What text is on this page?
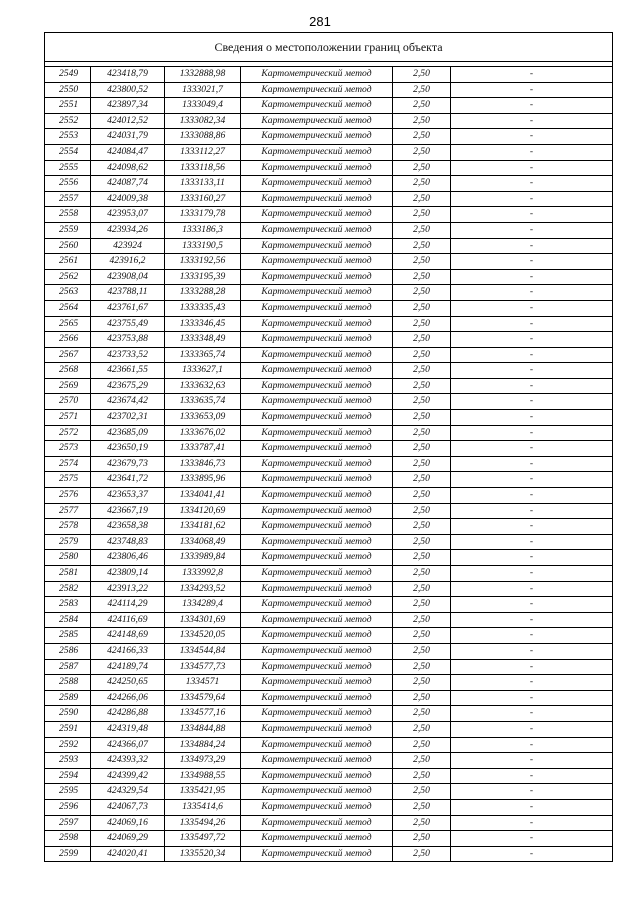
281
Сведения о местоположении границ объекта					

2549	423418,79	1332888,98	Картометрический метод	2,50	-
2550	423800,52	1333021,7	Картометрический метод	2,50	-
2551	423897,34	1333049,4	Картометрический метод	2,50	-
2552	424012,52	1333082,34	Картометрический метод	2,50	-
2553	424031,79	1333088,86	Картометрический метод	2,50	-
2554	424084,47	1333112,27	Картометрический метод	2,50	-
2555	424098,62	1333118,56	Картометрический метод	2,50	-
2556	424087,74	1333133,11	Картометрический метод	2,50	-
2557	424009,38	1333160,27	Картометрический метод	2,50	-
2558	423953,07	1333179,78	Картометрический метод	2,50	-
2559	423934,26	1333186,3	Картометрический метод	2,50	-
2560	423924	1333190,5	Картометрический метод	2,50	-
2561	423916,2	1333192,56	Картометрический метод	2,50	-
2562	423908,04	1333195,39	Картометрический метод	2,50	-
2563	423788,11	1333288,28	Картометрический метод	2,50	-
2564	423761,67	1333335,43	Картометрический метод	2,50	-
2565	423755,49	1333346,45	Картометрический метод	2,50	-
2566	423753,88	1333348,49	Картометрический метод	2,50	-
2567	423733,52	1333365,74	Картометрический метод	2,50	-
2568	423661,55	1333627,1	Картометрический метод	2,50	-
2569	423675,29	1333632,63	Картометрический метод	2,50	-
2570	423674,42	1333635,74	Картометрический метод	2,50	-
2571	423702,31	1333653,09	Картометрический метод	2,50	-
2572	423685,09	1333676,02	Картометрический метод	2,50	-
2573	423650,19	1333787,41	Картометрический метод	2,50	-
2574	423679,73	1333846,73	Картометрический метод	2,50	-
2575	423641,72	1333895,96	Картометрический метод	2,50	-
2576	423653,37	1334041,41	Картометрический метод	2,50	-
2577	423667,19	1334120,69	Картометрический метод	2,50	-
2578	423658,38	1334181,62	Картометрический метод	2,50	-
2579	423748,83	1334068,49	Картометрический метод	2,50	-
2580	423806,46	1333989,84	Картометрический метод	2,50	-
2581	423809,14	1333992,8	Картометрический метод	2,50	-
2582	423913,22	1334293,52	Картометрический метод	2,50	-
2583	424114,29	1334289,4	Картометрический метод	2,50	-
2584	424116,69	1334301,69	Картометрический метод	2,50	-
2585	424148,69	1334520,05	Картометрический метод	2,50	-
2586	424166,33	1334544,84	Картометрический метод	2,50	-
2587	424189,74	1334577,73	Картометрический метод	2,50	-
2588	424250,65	1334571	Картометрический метод	2,50	-
2589	424266,06	1334579,64	Картометрический метод	2,50	-
2590	424286,88	1334577,16	Картометрический метод	2,50	-
2591	424319,48	1334844,88	Картометрический метод	2,50	-
2592	424366,07	1334884,24	Картометрический метод	2,50	-
2593	424393,32	1334973,29	Картометрический метод	2,50	-
2594	424399,42	1334988,55	Картометрический метод	2,50	-
2595	424329,54	1335421,95	Картометрический метод	2,50	-
2596	424067,73	1335414,6	Картометрический метод	2,50	-
2597	424069,16	1335494,26	Картометрический метод	2,50	-
2598	424069,29	1335497,72	Картометрический метод	2,50	-
2599	424020,41	1335520,34	Картометрический метод	2,50	-
